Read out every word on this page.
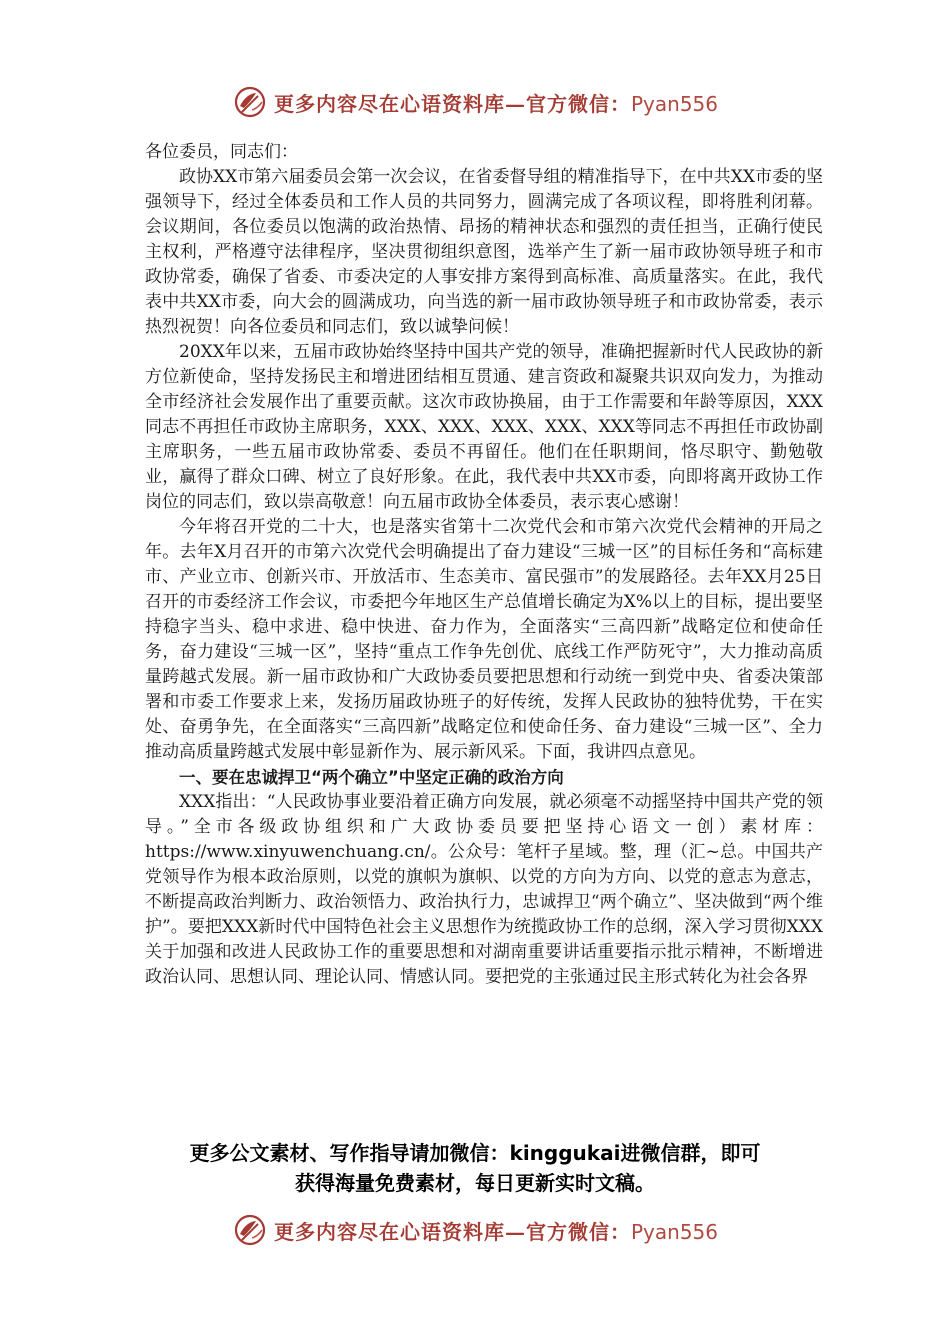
更多内容尽在心语资料库—官方微信：Pyan556

各位委员，同志们：

政协XX市第六届委员会第一次会议，在省委督导组的精准指导下，在中共XX市委的坚强领导下，经过全体委员和工作人员的共同努力，圆满完成了各项议程，即将胜利闭幕。会议期间，各位委员以饱满的政治热情、昂扬的精神状态和强烈的责任担当，正确行使民主权利，严格遵守法律程序，坚决贯彻组织意图，选举产生了新一届市政协领导班子和市政协常委，确保了省委、市委决定的人事安排方案得到高标准、高质量落实。在此，我代表中共XX市委，向大会的圆满成功，向当选的新一届市政协领导班子和市政协常委，表示热烈祝贺！向各位委员和同志们，致以诚挚问候！

20XX年以来，五届市政协始终坚持中国共产党的领导，准确把握新时代人民政协的新方位新使命，坚持发扬民主和增进团结相互贯通、建言资政和凝聚共识双向发力，为推动全市经济社会发展作出了重要贡献。这次市政协换届，由于工作需要和年龄等原因，XXX同志不再担任市政协主席职务，XXX、XXX、XXX、XXX、XXX等同志不再担任市政协副主席职务，一些五届市政协常委、委员不再留任。他们在任职期间，恪尽职守、勤勉敬业，赢得了群众口碑、树立了良好形象。在此，我代表中共XX市委，向即将离开政协工作岗位的同志们，致以崇高敬意！向五届市政协全体委员，表示衷心感谢！

今年将召开党的二十大，也是落实省第十二次党代会和市第六次党代会精神的开局之年。去年X月召开的市第六次党代会明确提出了奋力建设“三城一区”的目标任务和“高标建市、产业立市、创新兴市、开放活市、生态美市、富民强市”的发展路径。去年XX月25日召开的市委经济工作会议，市委把今年地区生产总值增长确定为X%以上的目标，提出要坚持稳字当头、稳中求进、稳中快进、奋力作为，全面落实“三高四新”战略定位和使命任务，奋力建设“三城一区”，坚持“重点工作争先创优、底线工作严防死守”，大力推动高质量跨越式发展。新一届市政协和广大政协委员要把思想和行动统一到党中央、省委决策部署和市委工作要求上来，发扬历届政协班子的好传统，发挥人民政协的独特优势，干在实处、奋勇争先，在全面落实“三高四新”战略定位和使命任务、奋力建设“三城一区”、全力推动高质量跨越式发展中彰显新作为、展示新风采。下面，我讲四点意见。

一、要在忠诚捍卫“两个确立”中坚定正确的政治方向

XXX指出：“人民政协事业要沿着正确方向发展，就必须毫不动摇坚持中国共产党的领导。”全市各级政协组织和广大政协委员要把坚持心语文一创）素材库：https://www.xinyuwenchuang.cn/。公众号：笔杆子星域。整，理（汇~总。中国共产党领导作为根本政治原则，以党的旗帜为旗帜、以党的方向为方向、以党的意志为意志，不断提高政治判断力、政治领悟力、政治执行力，忠诚捍卫“两个确立”、坚决做到“两个维护”。要把XXX新时代中国特色社会主义思想作为统揽政协工作的总纲，深入学习贯彻XXX关于加强和改进人民政协工作的重要思想和对湖南重要讲话重要指示批示精神，不断增进政治认同、思想认同、理论认同、情感认同。要把党的主张通过民主形式转化为社会各界

更多公文素材、写作指导请加微信：kinggukai进微信群，即可
获得海量免费素材，每日更新实时文稿。
更多内容尽在心语资料库—官方微信：Pyan556
